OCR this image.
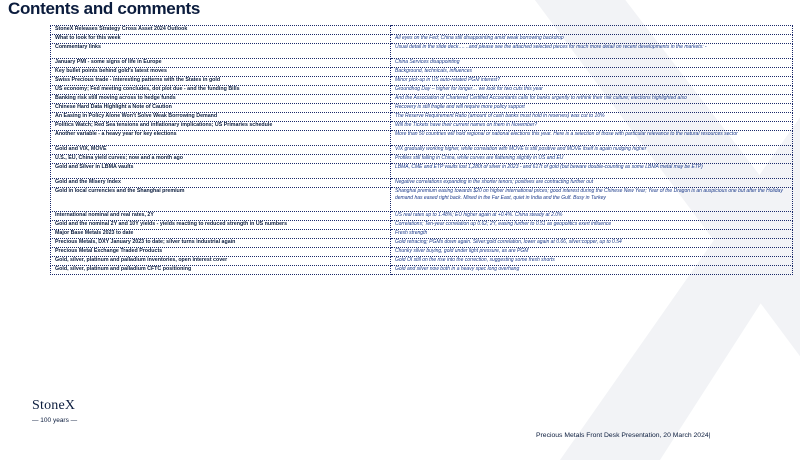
Contents and comments
StoneX Releases Strategy Cross Asset 2024 Outlook	
What to look for this week	All eyes on the Fed; China still disappointing amid weak borrowing backdrop
Commentary links	Usual detail in the slide deck…. ..and please see the attached selected pieces for much more detail on recent developments in the markets: -
January PMI - some signs of life in Europe	China Services disappointing
Key bullet points behind gold's latest moves	Background, technicals, influences
Swiss Precious trade - interesting patterns with the States in gold	Minor pick-up in US auto-related PGM interest?
US economy; Fed meeting concludes, dot plot due - and the funding Bills	Groundhog Day – higher for longer… we look for two cuts this year
Banking risk still moving across to hedge funds	And the Association of Chartered Certified Accountants calls for banks urgently to rethink their risk culture; elections highlighted also
Chinese Hard Data Highlight a Note of Caution	Recovery is still fragile and will require more policy support
An Easing in Policy Alone Won't Solve Weak Borrowing Demand	The Reserve Requirement Ratio (amount of cash banks must hold in reserves) was cut to 10%
Politics Watch; Red Sea tensions and inflationary implications; US Primaries schedule	Will the Tickets have their current names on them in November?
Another variable - a heavy year for key elections	More than 50 countries will hold regional or national elections this year. Here is a selection of those with particular relevance to the natural resources sector
Gold and VIX, MOVE	VIX gradually working higher, while correlation with MOVE is still positive and MOVE itself is again nudging higher
U.S., EU, China yield curves; now and a month ago	Profiles still falling in China, while curves are flattening slightly in US and EU
Gold and Silver in LBMA vaults	LBMA, CME and ETP vaults lost 1,280t of silver in 2023 - and 617t of gold (but beware double-counting as some LBMA metal may be ETP)
Gold and the Misery Index	Negative correlations expanding in the shorter tenors; positives are contracting further out
Gold in local currencies and the Shanghai premium	Shanghai premium easing towards $20 on higher international prices; good interest during the Chinese New Year; Year of the Dragon is an auspicious one but after the Holiday demand has eased right back. Mixed in the Far East, quiet in India and the Gulf. Busy in Turkey
International nominal and real rates, 2Y	US real rates up to 1.48%; EU higher again at +0.4%. China steady at 2.0%
Gold and the nominal 2Y and 10Y yields - yields reacting to reduced strength in US numbers	Correlations; Ten-year correlation up 0.62; 2Y, easing further to 0.51 as geopolitics exert influence
Major Base Metals 2023 to date	Fresh strength
Precious Metals, DXY January 2023 to date; silver turns industrial again	Gold retracing; PGMs down again. Silver:gold correlation, lower again at 0.66, silver:copper, up to 0.54
Precious Metal Exchange Traded Products	Chunky silver buying, gold under light pressure, as are PGM
Gold, silver, platinum and palladium inventories, open interest cover	Gold OI still on the rise into the correction, suggesting some fresh shorts
Gold, silver, platinum and palladium CFTC positioning	Gold and silver now both in a heavy spec long overhang
StoneX
— 100 years —
Precious Metals Front Desk Presentation, 20 March 2024|
